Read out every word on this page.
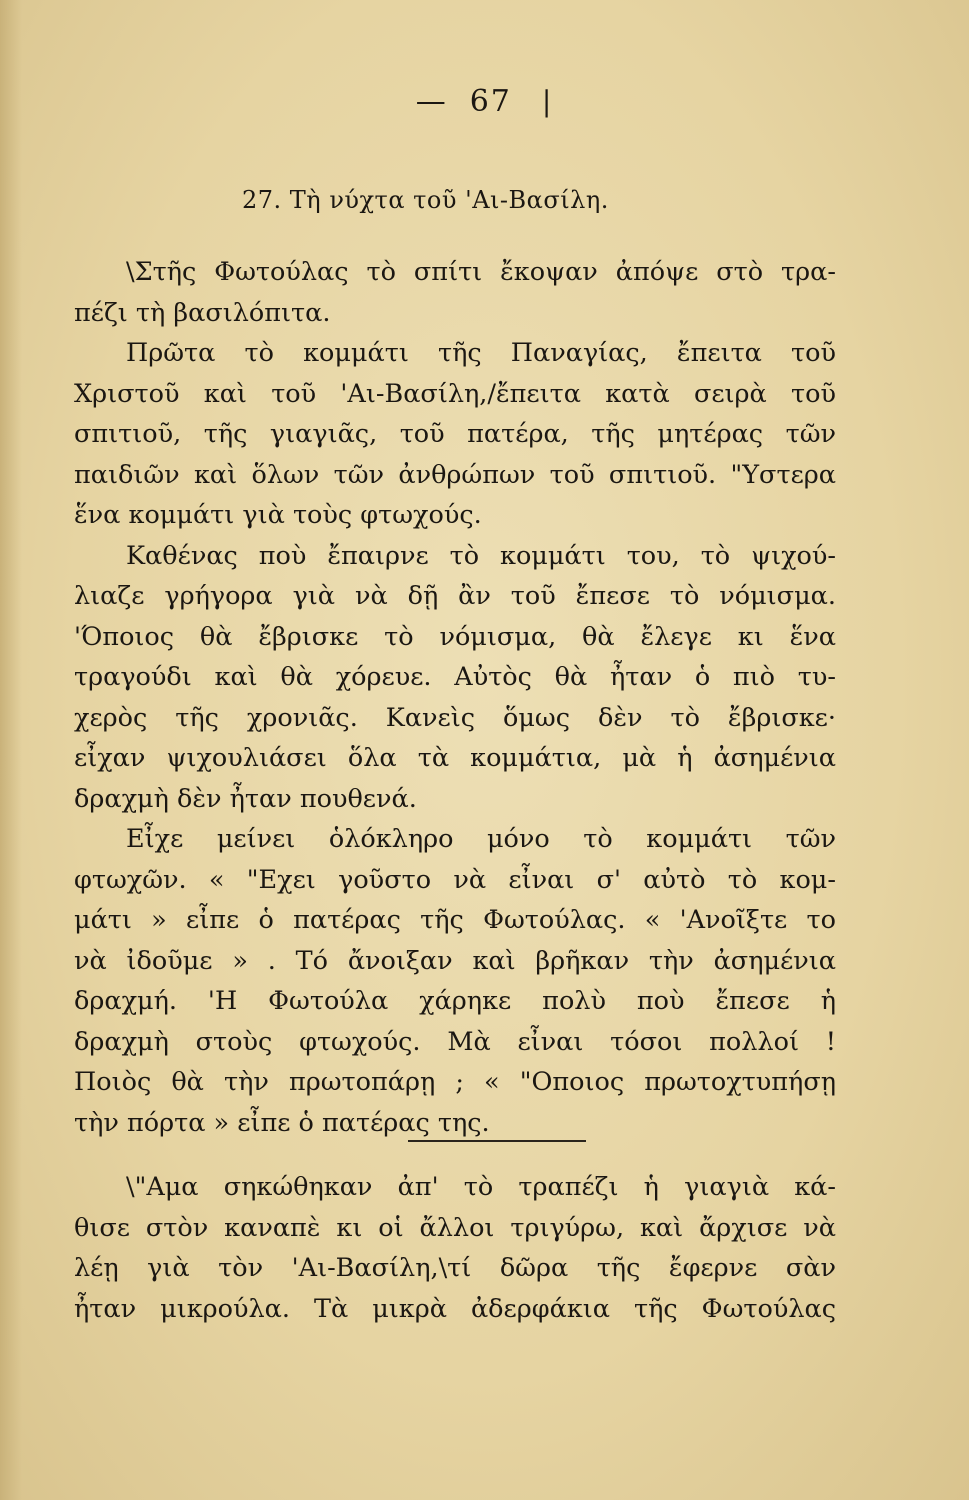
— 67 |
27. Τὴ νύχτα τοῦ 'Αι-Βασίλη.
\Στῆς Φωτούλας τὸ σπίτι ἔκοψαν ἀπόψε στὸ τρα-
πέζι τὴ βασιλόπιτα.
Πρῶτα τὸ κομμάτι τῆς Παναγίας, ἔπειτα τοῦ
Χριστοῦ καὶ τοῦ 'Αι-Βασίλη,/ἔπειτα κατὰ σειρὰ τοῦ
σπιτιοῦ, τῆς γιαγιᾶς, τοῦ πατέρα, τῆς μητέρας τῶν
παιδιῶν καὶ ὅλων τῶν ἀνθρώπων τοῦ σπιτιοῦ. "Υστερα
ἕνα κομμάτι γιὰ τοὺς φτωχούς.
Καθένας ποὺ ἔπαιρνε τὸ κομμάτι του, τὸ ψιχού-
λιαζε γρήγορα γιὰ νὰ δῇ ἂν τοῦ ἔπεσε τὸ νόμισμα.
'Όποιος θὰ ἔβρισκε τὸ νόμισμα, θὰ ἔλεγε κι ἕνα
τραγούδι καὶ θὰ χόρευε. Αὐτὸς θὰ ἦταν ὁ πιὸ τυ-
χερὸς τῆς χρονιᾶς. Κανεὶς ὅμως δὲν τὸ ἔβρισκε·
εἶχαν ψιχουλιάσει ὅλα τὰ κομμάτια, μὰ ἡ ἀσημένια
δραχμὴ δὲν ἦταν πουθενά.
Εἶχε μείνει ὁλόκληρο μόνο τὸ κομμάτι τῶν
φτωχῶν. « "Εχει γοῦστο νὰ εἶναι σ' αὐτὸ τὸ κομ-
μάτι » εἶπε ὁ πατέρας τῆς Φωτούλας. « 'Ανοῖξτε το
νὰ ἰδοῦμε » . Τό ἄνοιξαν καὶ βρῆκαν τὴν ἀσημένια
δραχμή. 'Η Φωτούλα χάρηκε πολὺ ποὺ ἔπεσε ἡ
δραχμὴ στοὺς φτωχούς. Μὰ εἶναι τόσοι πολλοί !
Ποιὸς θὰ τὴν πρωτοπάρῃ ; « "Οποιος πρωτοχτυπήσῃ
τὴν πόρτα » εἶπε ὁ πατέρας της.
\"Αμα σηκώθηκαν ἀπ' τὸ τραπέζι ἡ γιαγιὰ κά-
θισε στὸν καναπὲ κι οἱ ἄλλοι τριγύρω, καὶ ἄρχισε νὰ
λέῃ γιὰ τὸν 'Αι-Βασίλη,\τί δῶρα τῆς ἔφερνε σὰν
ἦταν μικρούλα. Τὰ μικρὰ ἀδερφάκια τῆς Φωτούλας
